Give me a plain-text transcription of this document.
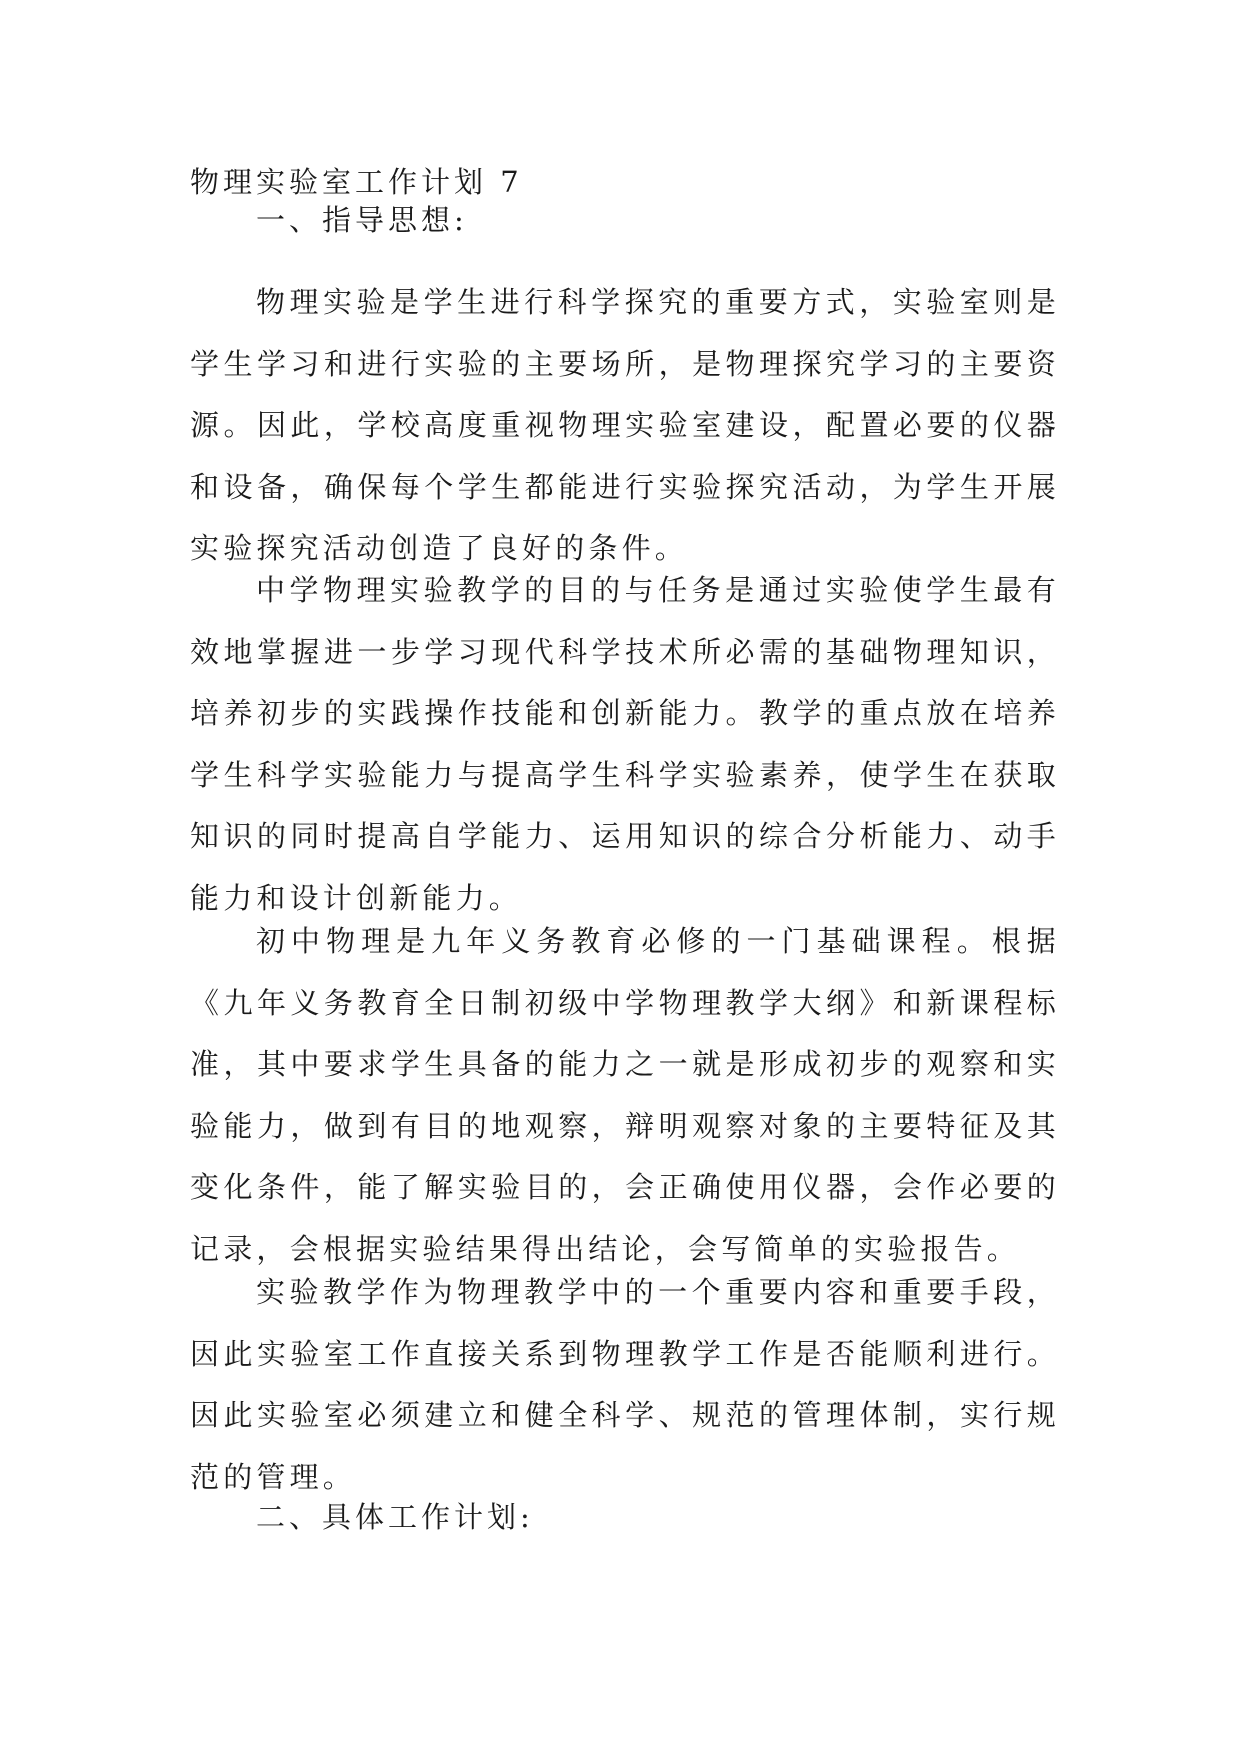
物理实验室工作计划 7
一、指导思想:
物理实验是学生进行科学探究的重要方式，实验室则是学生学习和进行实验的主要场所，是物理探究学习的主要资源。因此，学校高度重视物理实验室建设，配置必要的仪器和设备，确保每个学生都能进行实验探究活动，为学生开展实验探究活动创造了良好的条件。
中学物理实验教学的目的与任务是通过实验使学生最有效地掌握进一步学习现代科学技术所必需的基础物理知识，培养初步的实践操作技能和创新能力。教学的重点放在培养学生科学实验能力与提高学生科学实验素养，使学生在获取知识的同时提高自学能力、运用知识的综合分析能力、动手能力和设计创新能力。
初中物理是九年义务教育必修的一门基础课程。根据《九年义务教育全日制初级中学物理教学大纲》和新课程标准，其中要求学生具备的能力之一就是形成初步的观察和实验能力，做到有目的地观察，辩明观察对象的主要特征及其变化条件，能了解实验目的，会正确使用仪器，会作必要的记录，会根据实验结果得出结论，会写简单的实验报告。
实验教学作为物理教学中的一个重要内容和重要手段，因此实验室工作直接关系到物理教学工作是否能顺利进行。因此实验室必须建立和健全科学、规范的管理体制，实行规范的管理。
二、具体工作计划:
